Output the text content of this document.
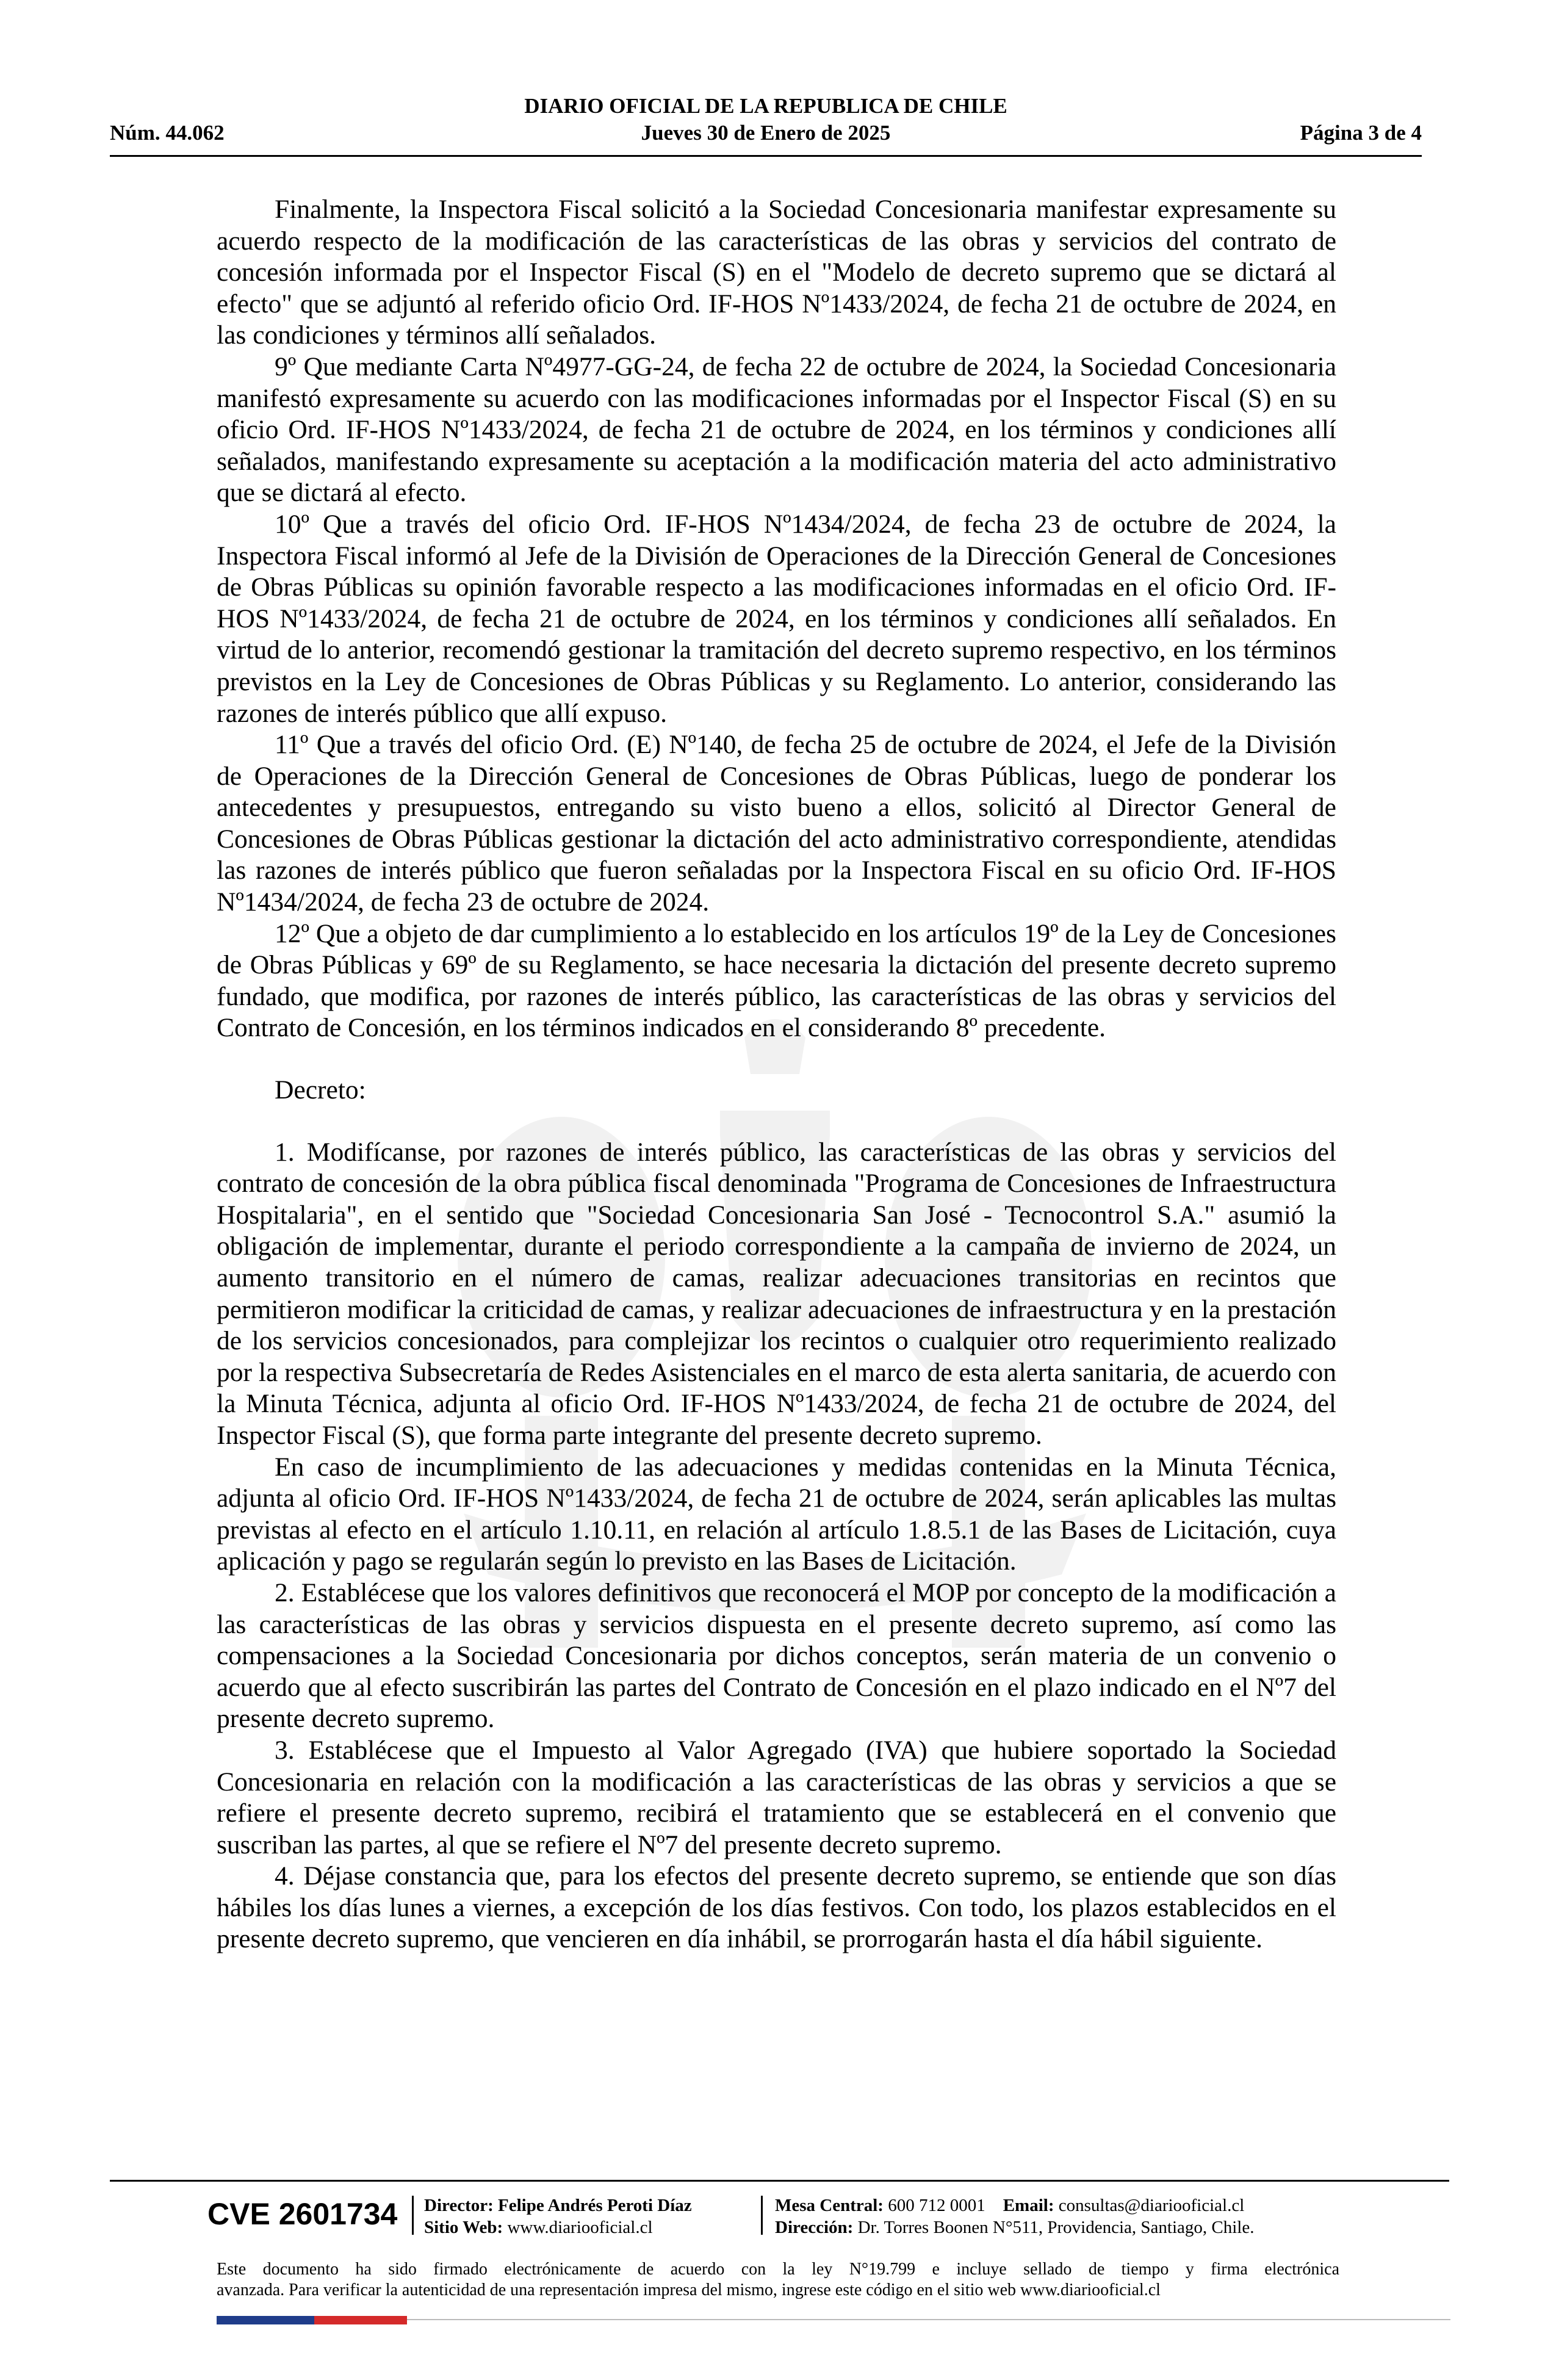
DIARIO OFICIAL DE LA REPUBLICA DE CHILE
Núm. 44.062	Jueves 30 de Enero de 2025	Página 3 de 4

Finalmente, la Inspectora Fiscal solicitó a la Sociedad Concesionaria manifestar expresamente su acuerdo respecto de la modificación de las características de las obras y servicios del contrato de concesión informada por el Inspector Fiscal (S) en el "Modelo de decreto supremo que se dictará al efecto" que se adjuntó al referido oficio Ord. IF-HOS Nº1433/2024, de fecha 21 de octubre de 2024, en las condiciones y términos allí señalados.

9º Que mediante Carta Nº4977-GG-24, de fecha 22 de octubre de 2024, la Sociedad Concesionaria manifestó expresamente su acuerdo con las modificaciones informadas por el Inspector Fiscal (S) en su oficio Ord. IF-HOS Nº1433/2024, de fecha 21 de octubre de 2024, en los términos y condiciones allí señalados, manifestando expresamente su aceptación a la modificación materia del acto administrativo que se dictará al efecto.

10º Que a través del oficio Ord. IF-HOS Nº1434/2024, de fecha 23 de octubre de 2024, la Inspectora Fiscal informó al Jefe de la División de Operaciones de la Dirección General de Concesiones de Obras Públicas su opinión favorable respecto a las modificaciones informadas en el oficio Ord. IF-HOS Nº1433/2024, de fecha 21 de octubre de 2024, en los términos y condiciones allí señalados. En virtud de lo anterior, recomendó gestionar la tramitación del decreto supremo respectivo, en los términos previstos en la Ley de Concesiones de Obras Públicas y su Reglamento. Lo anterior, considerando las razones de interés público que allí expuso.

11º Que a través del oficio Ord. (E) Nº140, de fecha 25 de octubre de 2024, el Jefe de la División de Operaciones de la Dirección General de Concesiones de Obras Públicas, luego de ponderar los antecedentes y presupuestos, entregando su visto bueno a ellos, solicitó al Director General de Concesiones de Obras Públicas gestionar la dictación del acto administrativo correspondiente, atendidas las razones de interés público que fueron señaladas por la Inspectora Fiscal en su oficio Ord. IF-HOS Nº1434/2024, de fecha 23 de octubre de 2024.

12º Que a objeto de dar cumplimiento a lo establecido en los artículos 19º de la Ley de Concesiones de Obras Públicas y 69º de su Reglamento, se hace necesaria la dictación del presente decreto supremo fundado, que modifica, por razones de interés público, las características de las obras y servicios del Contrato de Concesión, en los términos indicados en el considerando 8º precedente.

Decreto:

1. Modifícanse, por razones de interés público, las características de las obras y servicios del contrato de concesión de la obra pública fiscal denominada "Programa de Concesiones de Infraestructura Hospitalaria", en el sentido que "Sociedad Concesionaria San José - Tecnocontrol S.A." asumió la obligación de implementar, durante el periodo correspondiente a la campaña de invierno de 2024, un aumento transitorio en el número de camas, realizar adecuaciones transitorias en recintos que permitieron modificar la criticidad de camas, y realizar adecuaciones de infraestructura y en la prestación de los servicios concesionados, para complejizar los recintos o cualquier otro requerimiento realizado por la respectiva Subsecretaría de Redes Asistenciales en el marco de esta alerta sanitaria, de acuerdo con la Minuta Técnica, adjunta al oficio Ord. IF-HOS Nº1433/2024, de fecha 21 de octubre de 2024, del Inspector Fiscal (S), que forma parte integrante del presente decreto supremo.

En caso de incumplimiento de las adecuaciones y medidas contenidas en la Minuta Técnica, adjunta al oficio Ord. IF-HOS Nº1433/2024, de fecha 21 de octubre de 2024, serán aplicables las multas previstas al efecto en el artículo 1.10.11, en relación al artículo 1.8.5.1 de las Bases de Licitación, cuya aplicación y pago se regularán según lo previsto en las Bases de Licitación.

2. Establécese que los valores definitivos que reconocerá el MOP por concepto de la modificación a las características de las obras y servicios dispuesta en el presente decreto supremo, así como las compensaciones a la Sociedad Concesionaria por dichos conceptos, serán materia de un convenio o acuerdo que al efecto suscribirán las partes del Contrato de Concesión en el plazo indicado en el Nº7 del presente decreto supremo.

3. Establécese que el Impuesto al Valor Agregado (IVA) que hubiere soportado la Sociedad Concesionaria en relación con la modificación a las características de las obras y servicios a que se refiere el presente decreto supremo, recibirá el tratamiento que se establecerá en el convenio que suscriban las partes, al que se refiere el Nº7 del presente decreto supremo.

4. Déjase constancia que, para los efectos del presente decreto supremo, se entiende que son días hábiles los días lunes a viernes, a excepción de los días festivos. Con todo, los plazos establecidos en el presente decreto supremo, que vencieren en día inhábil, se prorrogarán hasta el día hábil siguiente.

CVE 2601734 Director: Felipe Andrés Peroti Díaz
Sitio Web: www.diariooficial.cl
Mesa Central: 600 712 0001 Email: consultas@diariooficial.cl
Dirección: Dr. Torres Boonen N°511, Providencia, Santiago, Chile.
Este documento ha sido firmado electrónicamente de acuerdo con la ley N°19.799 e incluye sellado de tiempo y firma electrónica
avanzada. Para verificar la autenticidad de una representación impresa del mismo, ingrese este código en el sitio web www.diariooficial.cl
